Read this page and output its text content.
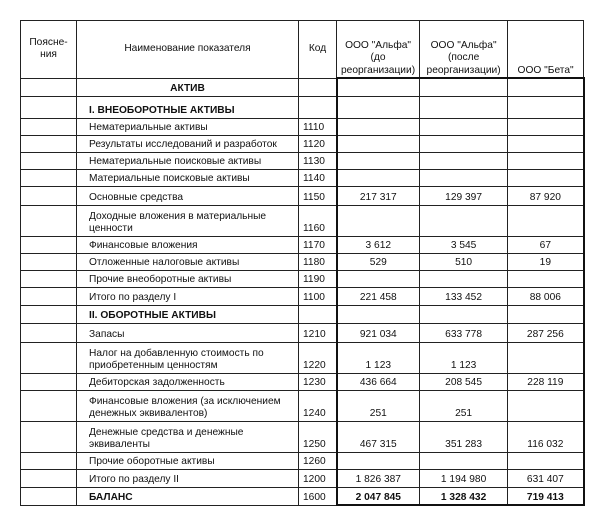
Поясне-ния	Наименование показателя	Код	ООО "Альфа" (до реорганизации)	ООО "Альфа" (после реорганизации)	ООО "Бета"
	АКТИВ				
	I. ВНЕОБОРОТНЫЕ АКТИВЫ				
	Нематериальные активы	1110			
	Результаты исследований и разработок	1120			
	Нематериальные поисковые активы	1130			
	Материальные поисковые активы	1140			
	Основные средства	1150	217 317	129 397	87 920
	Доходные вложения в материальные ценности	1160			
	Финансовые вложения	1170	3 612	3 545	67
	Отложенные налоговые активы	1180	529	510	19
	Прочие внеоборотные активы	1190			
	Итого по разделу I	1100	221 458	133 452	88 006
	II. ОБОРОТНЫЕ АКТИВЫ				
	Запасы	1210	921 034	633 778	287 256
	Налог на добавленную стоимость по приобретенным ценностям	1220	1 123	1 123	
	Дебиторская задолженность	1230	436 664	208 545	228 119
	Финансовые вложения (за исключением денежных эквивалентов)	1240	251	251	
	Денежные средства и денежные эквиваленты	1250	467 315	351 283	116 032
	Прочие оборотные активы	1260			
	Итого по разделу II	1200	1 826 387	1 194 980	631 407
	БАЛАНС	1600	2 047 845	1 328 432	719 413
